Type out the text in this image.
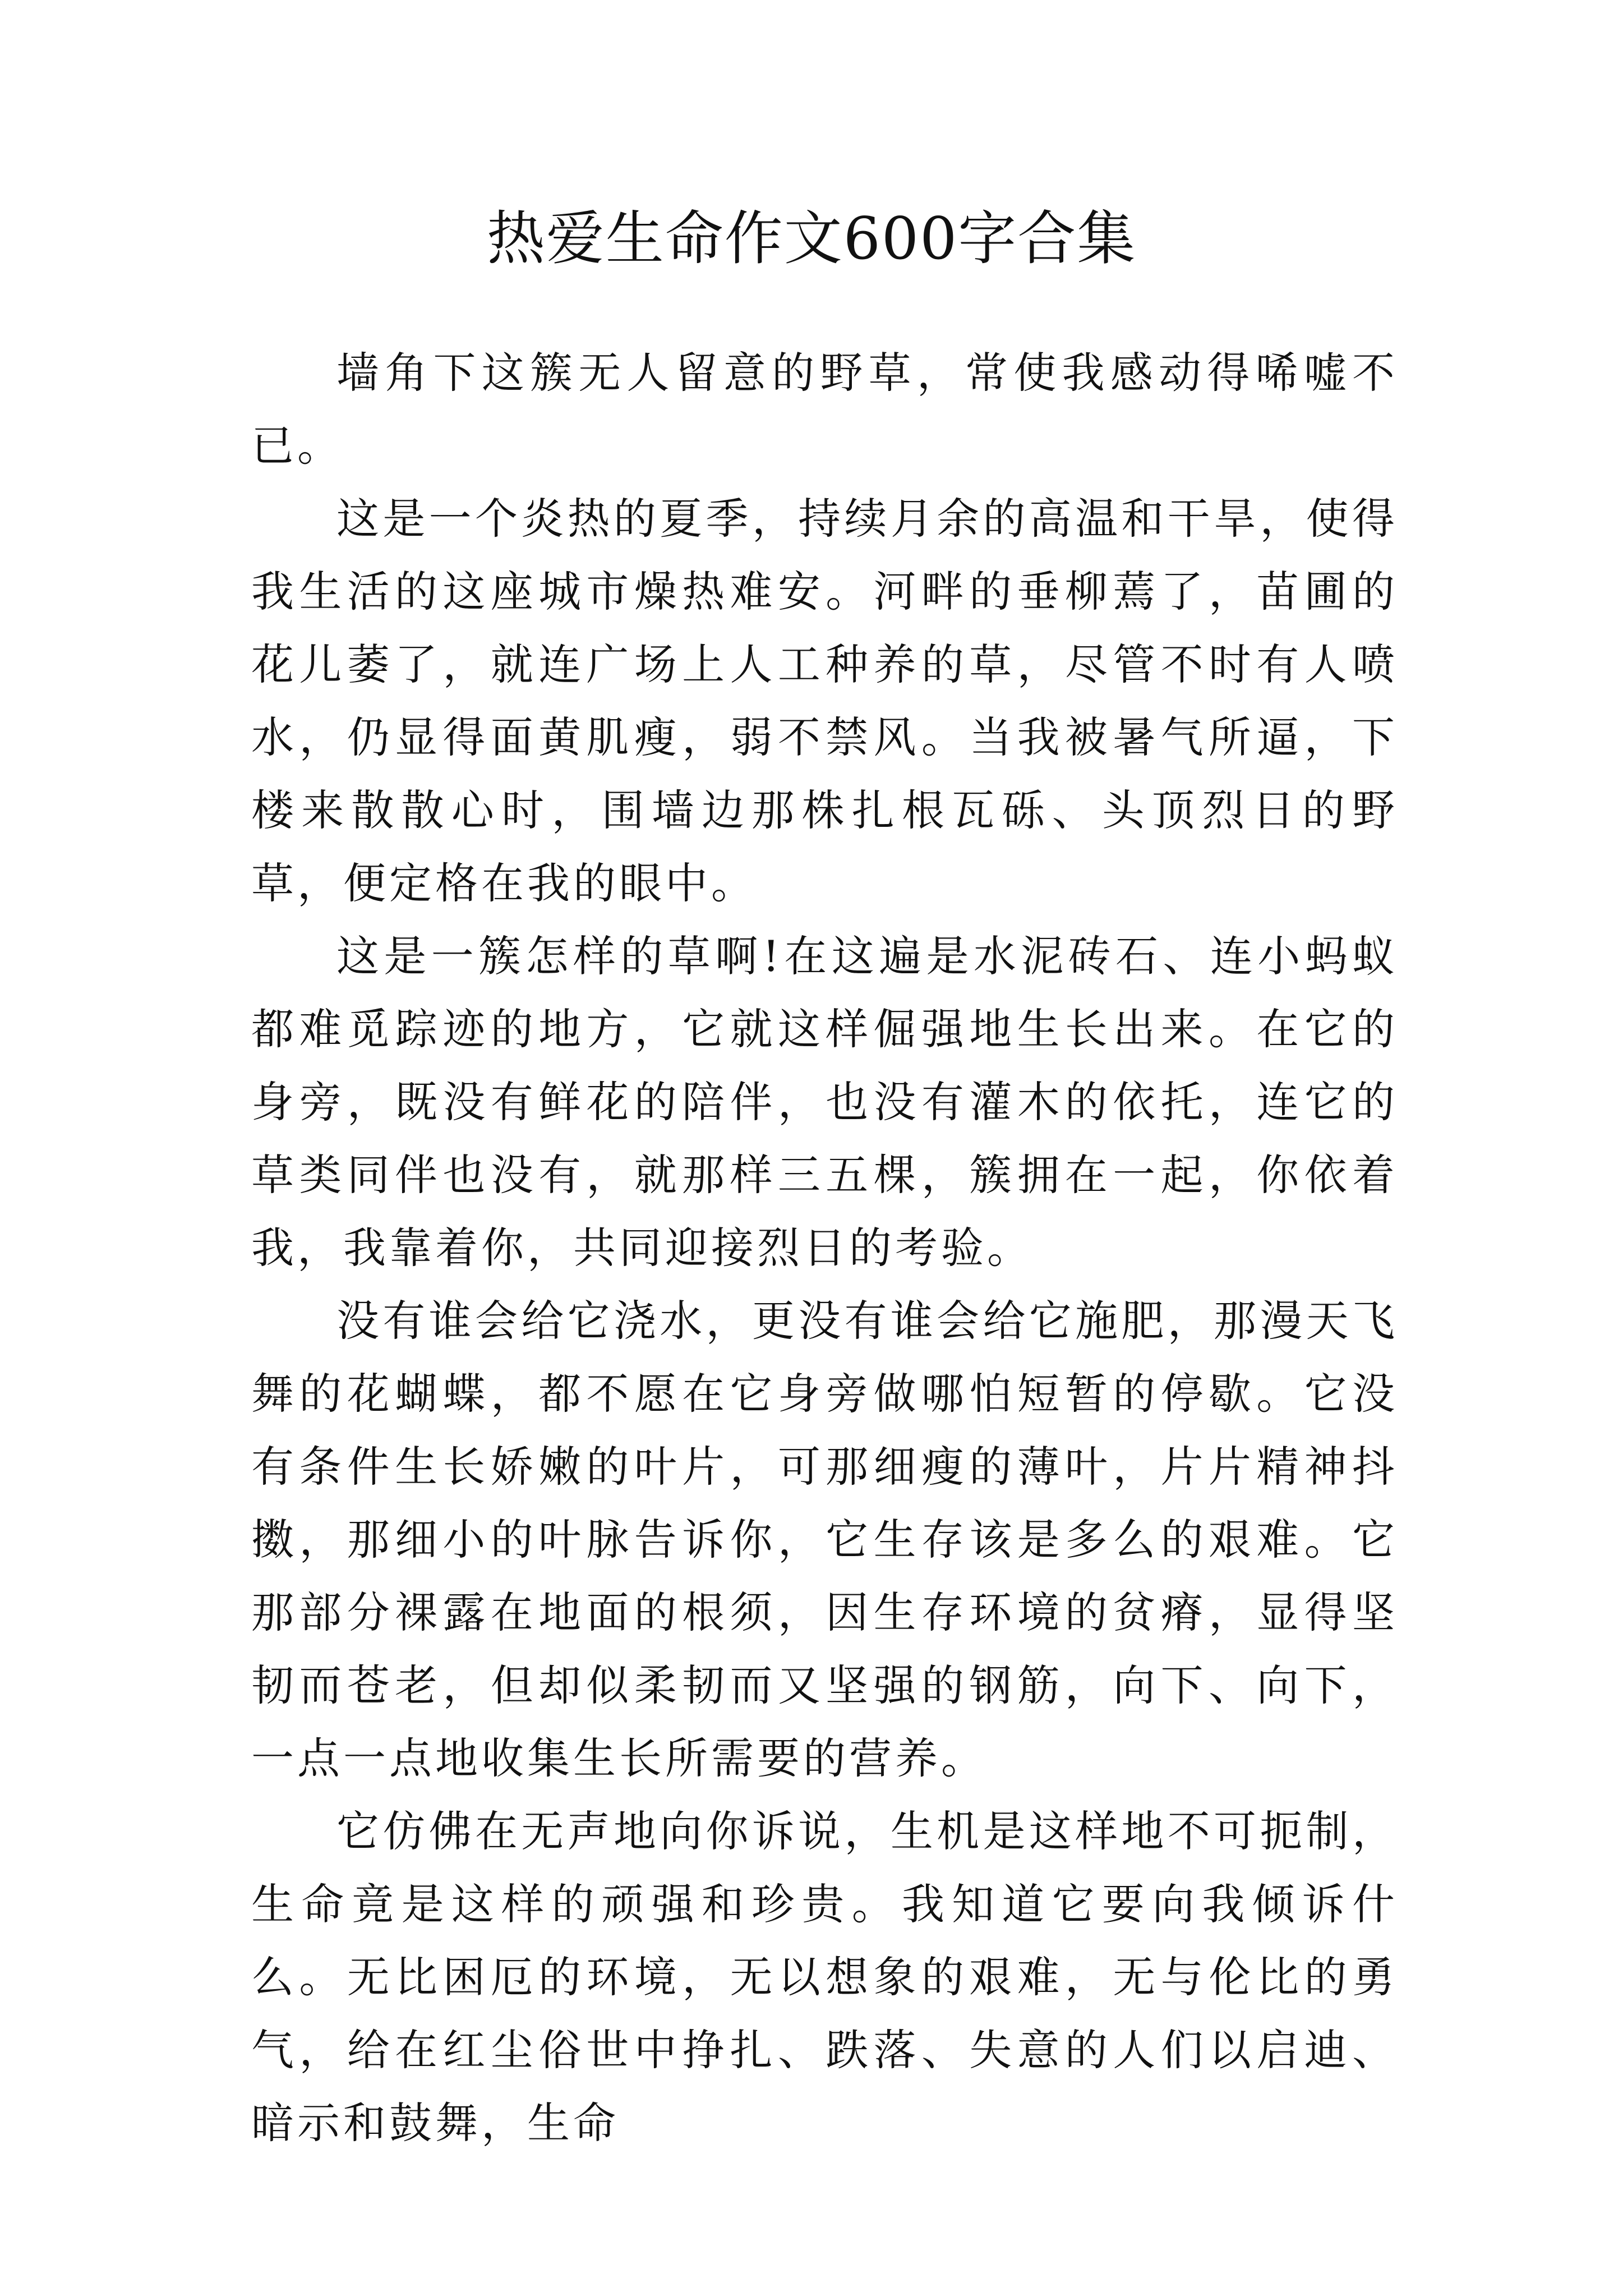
热爱生命作文600字合集

墙角下这簇无人留意的野草，常使我感动得唏嘘不已。

这是一个炎热的夏季，持续月余的高温和干旱，使得我生活的这座城市燥热难安。河畔的垂柳蔫了，苗圃的花儿萎了，就连广场上人工种养的草，尽管不时有人喷水，仍显得面黄肌瘦，弱不禁风。当我被暑气所逼，下楼来散散心时，围墙边那株扎根瓦砾、头顶烈日的野草，便定格在我的眼中。

这是一簇怎样的草啊!在这遍是水泥砖石、连小蚂蚁都难觅踪迹的地方，它就这样倔强地生长出来。在它的身旁，既没有鲜花的陪伴，也没有灌木的依托，连它的草类同伴也没有，就那样三五棵，簇拥在一起，你依着我，我靠着你，共同迎接烈日的考验。

没有谁会给它浇水，更没有谁会给它施肥，那漫天飞舞的花蝴蝶，都不愿在它身旁做哪怕短暂的停歇。它没有条件生长娇嫩的叶片，可那细瘦的薄叶，片片精神抖擞，那细小的叶脉告诉你，它生存该是多么的艰难。它那部分裸露在地面的根须，因生存环境的贫瘠，显得坚韧而苍老，但却似柔韧而又坚强的钢筋，向下、向下，一点一点地收集生长所需要的营养。

它仿佛在无声地向你诉说，生机是这样地不可扼制，生命竟是这样的顽强和珍贵。我知道它要向我倾诉什么。无比困厄的环境，无以想象的艰难，无与伦比的勇气，给在红尘俗世中挣扎、跌落、失意的人们以启迪、暗示和鼓舞，生命
